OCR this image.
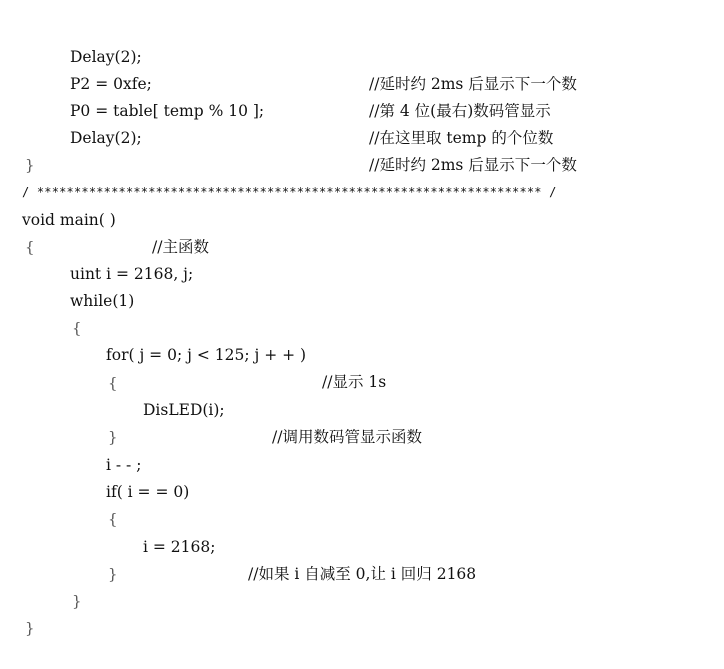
Delay(2);

//延时约 2ms 后显示下一个数

P2 = 0xfe;

//第 4 位(最右)数码管显示

P0 = table[ temp % 10 ];

//在这里取 temp 的个位数

Delay(2);

//延时约 2ms 后显示下一个数

}

/ ******************************************************************** /

void main( )

//主函数

{

uint i = 2168, j;

while(1)

{

for( j = 0; j < 125; j + + )

//显示 1s

{

DisLED(i);

//调用数码管显示函数

}

i - - ;

if( i = = 0)

{

i = 2168;

//如果 i 自减至 0,让 i 回归 2168

}

}

}
